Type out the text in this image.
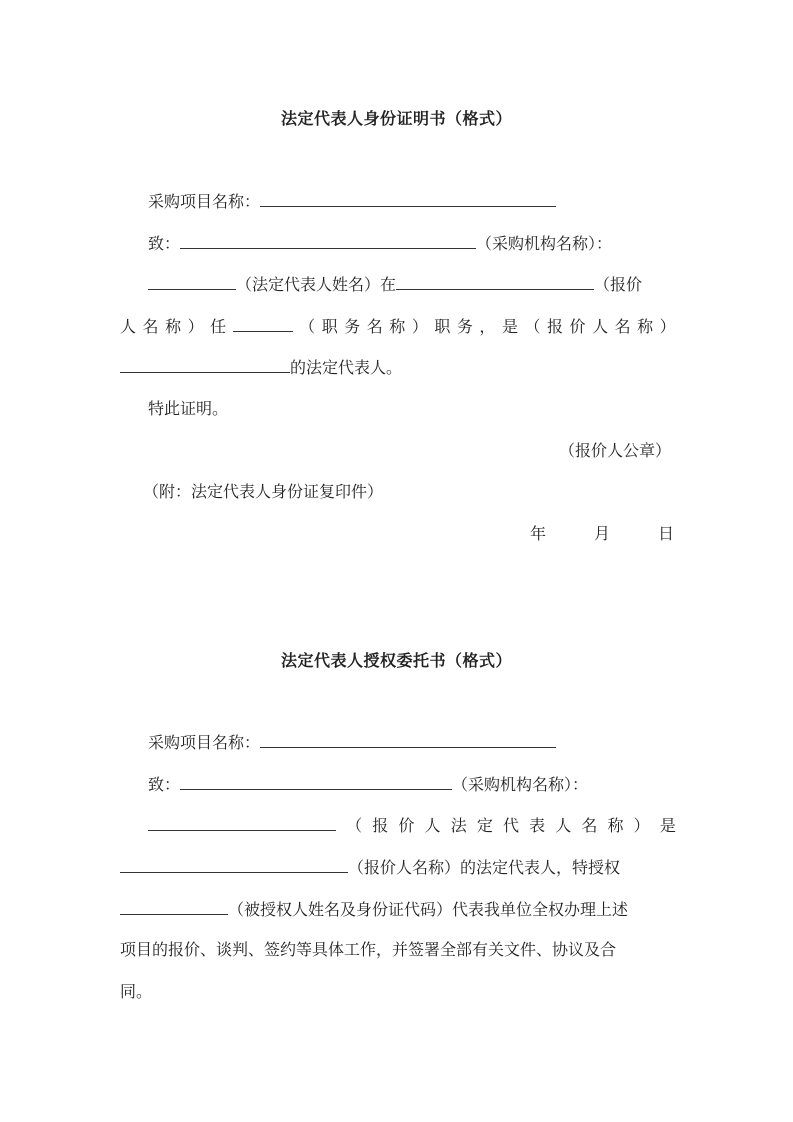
法定代表人身份证明书（格式）
采购项目名称：
致：	（采购机构名称）：
（法定代表人姓名）在	（报价
人 名 称 ） 任	（ 职 务 名 称 ） 职 务 ， 是 （ 报 价 人 名 称 ）
的法定代表人。
特此证明。
（报价人公章）
（附：法定代表人身份证复印件）
年	月	日
法定代表人授权委托书（格式）
采购项目名称：
致：	（采购机构名称）：
（ 报 价 人 法 定 代 表 人 名 称 ） 是
（报价人名称）的法定代表人，特授权
（被授权人姓名及身份证代码）代表我单位全权办理上述
项目的报价、谈判、签约等具体工作，并签署全部有关文件、协议及合
同。
